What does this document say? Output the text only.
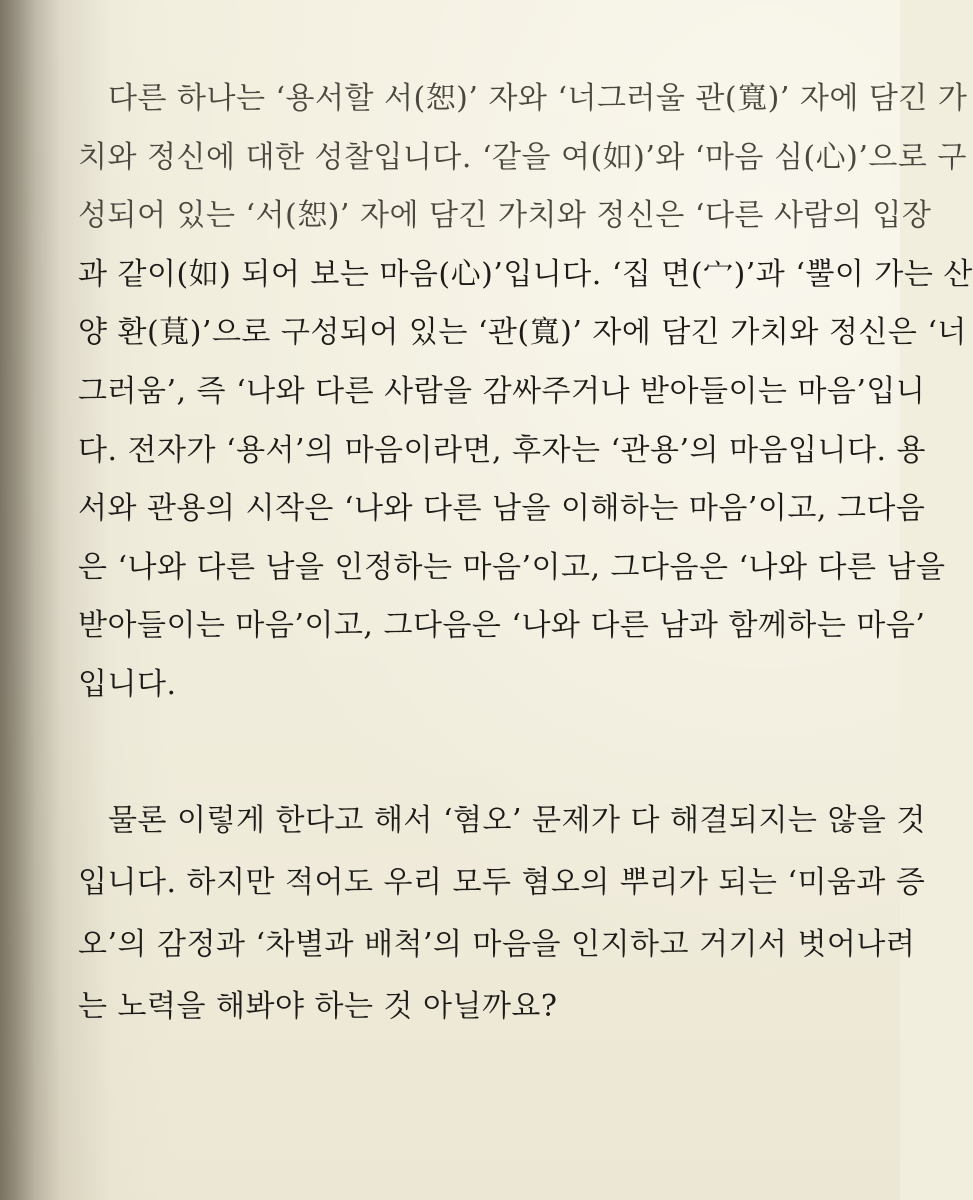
다른 하나는 ‘용서할 서(恕)’ 자와 ‘너그러울 관(寬)’ 자에 담긴 가
치와 정신에 대한 성찰입니다. ‘같을 여(如)’와 ‘마음 심(心)’으로 구
성되어 있는 ‘서(恕)’ 자에 담긴 가치와 정신은 ‘다른 사람의 입장
과 같이(如) 되어 보는 마음(心)’입니다. ‘집 면(宀)’과 ‘뿔이 가는 산
양 환(萈)’으로 구성되어 있는 ‘관(寬)’ 자에 담긴 가치와 정신은 ‘너
그러움’, 즉 ‘나와 다른 사람을 감싸주거나 받아들이는 마음’입니
다. 전자가 ‘용서’의 마음이라면, 후자는 ‘관용’의 마음입니다. 용
서와 관용의 시작은 ‘나와 다른 남을 이해하는 마음’이고, 그다음
은 ‘나와 다른 남을 인정하는 마음’이고, 그다음은 ‘나와 다른 남을
받아들이는 마음’이고, 그다음은 ‘나와 다른 남과 함께하는 마음’
입니다.
물론 이렇게 한다고 해서 ‘혐오’ 문제가 다 해결되지는 않을 것
입니다. 하지만 적어도 우리 모두 혐오의 뿌리가 되는 ‘미움과 증
오’의 감정과 ‘차별과 배척’의 마음을 인지하고 거기서 벗어나려
는 노력을 해봐야 하는 것 아닐까요?
